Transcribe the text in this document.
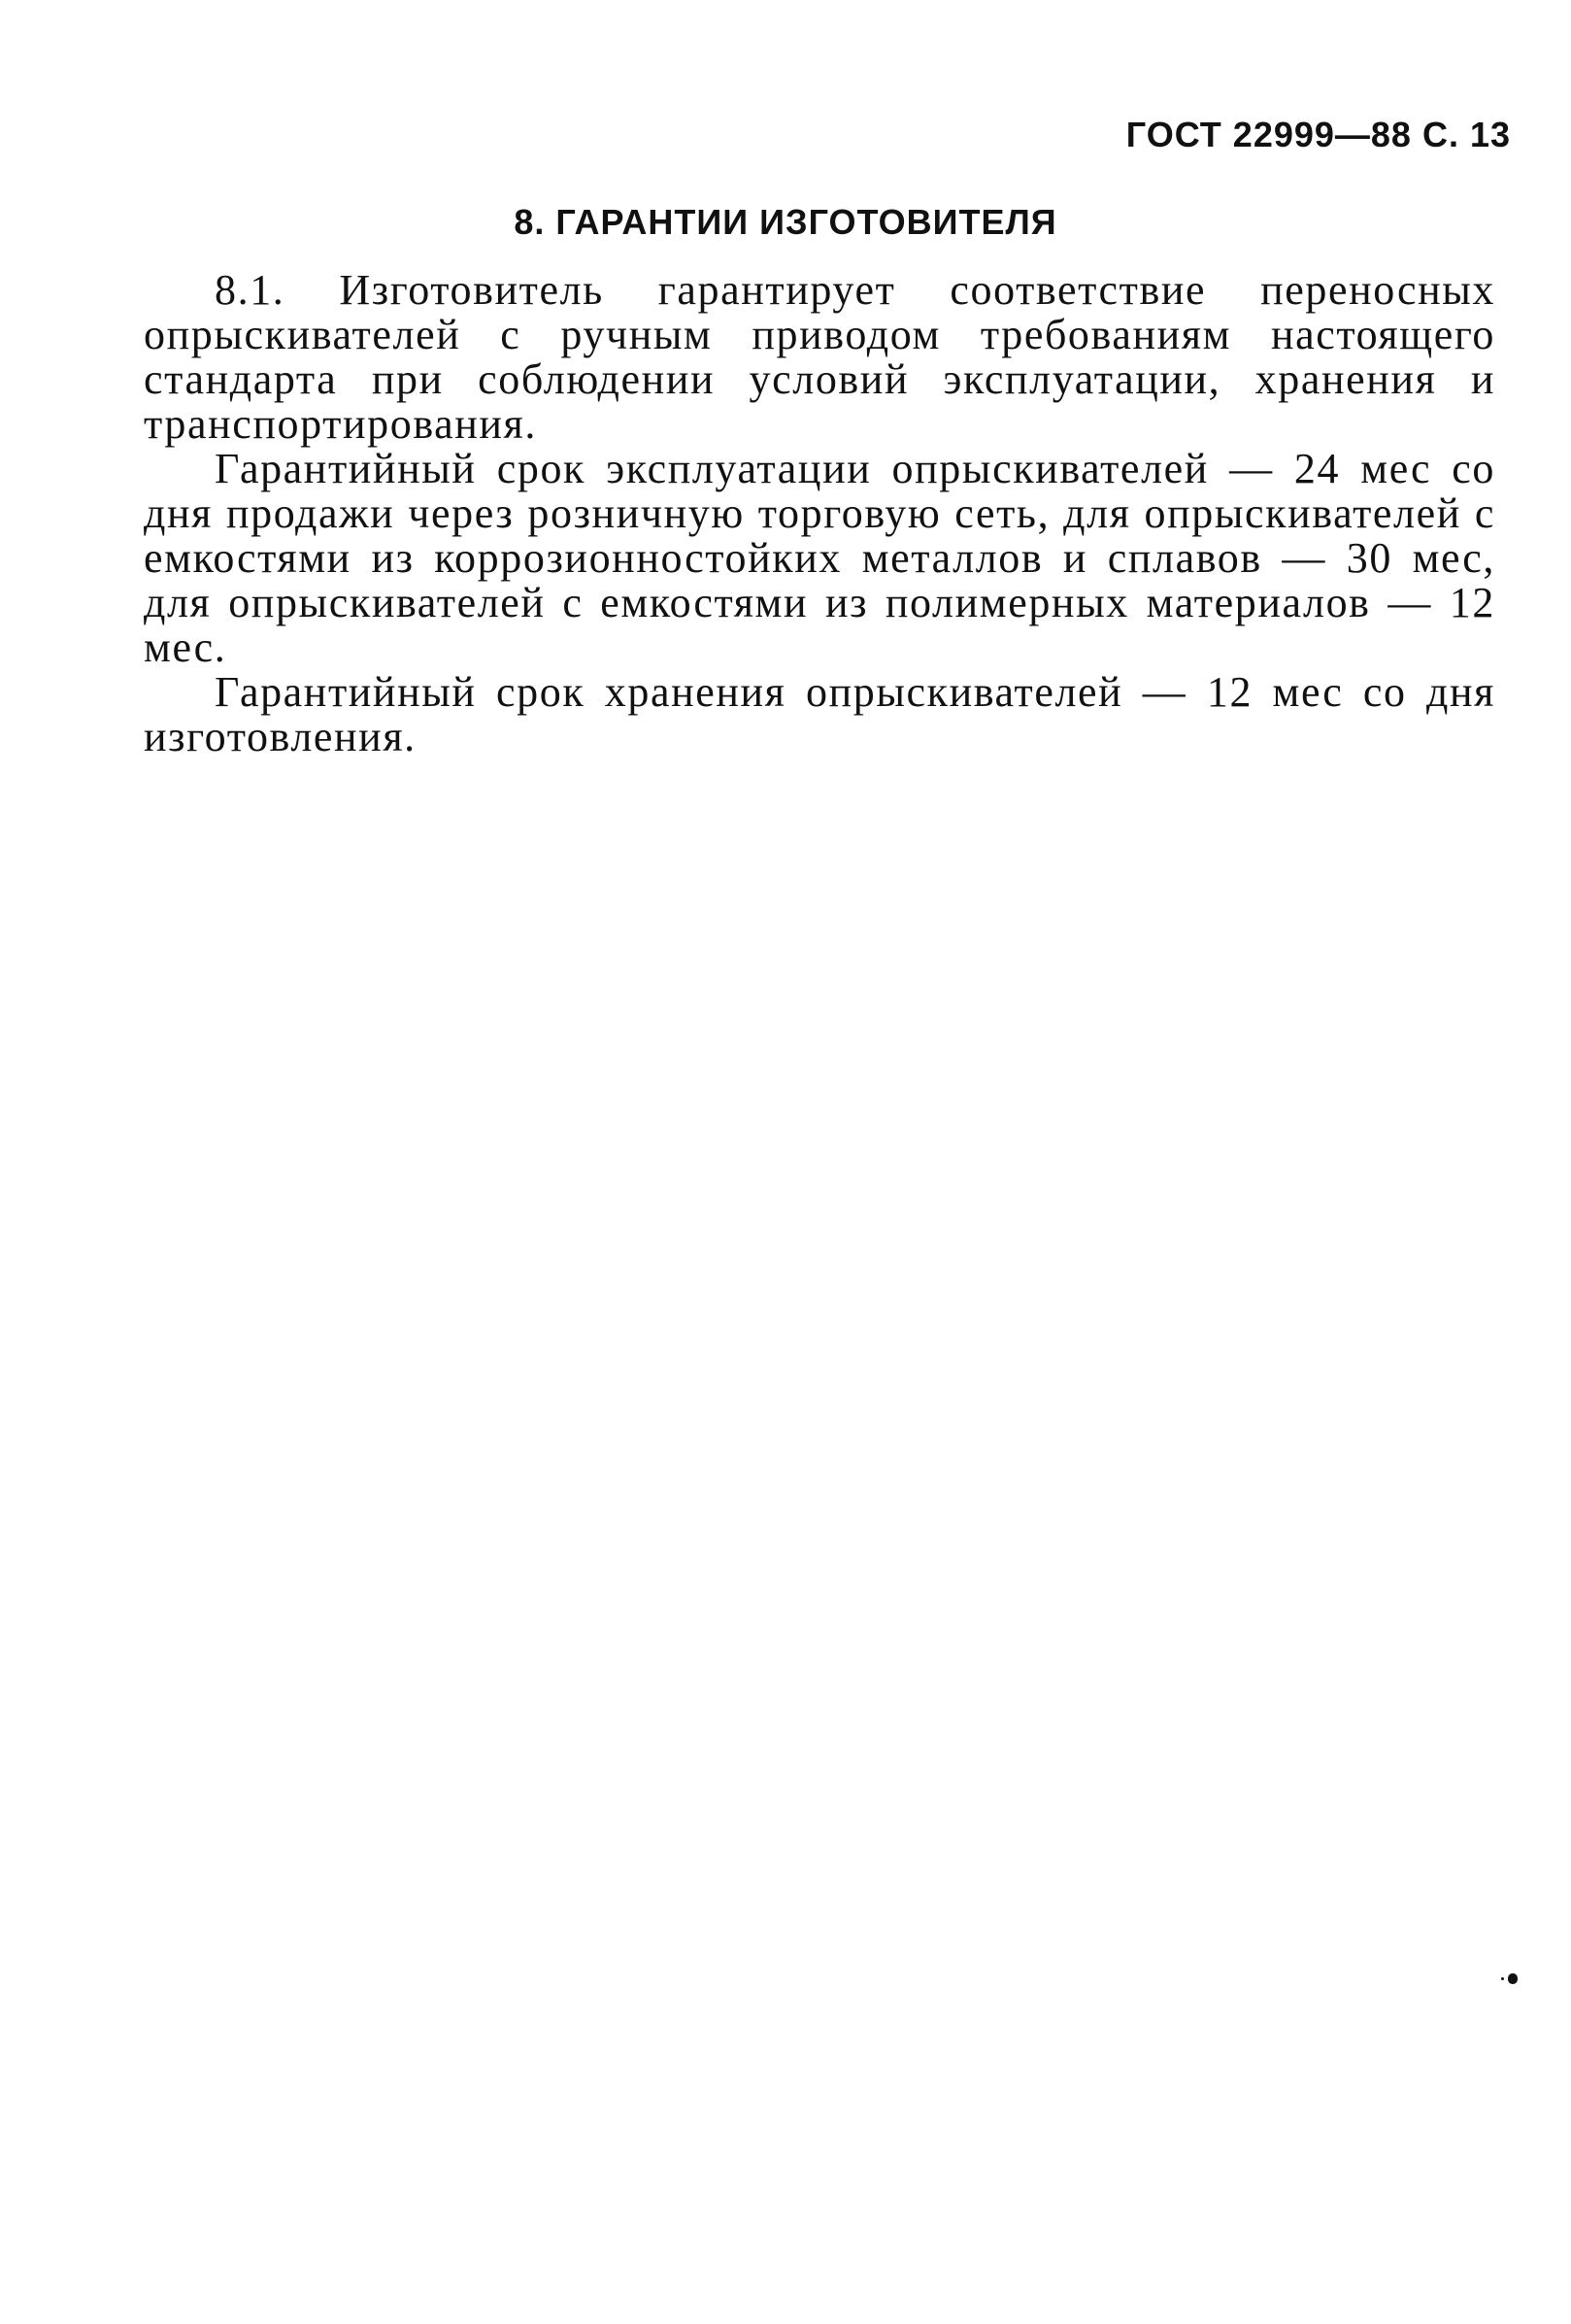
ГОСТ 22999—88 С. 13
8. ГАРАНТИИ ИЗГОТОВИТЕЛЯ

8.1. Изготовитель гарантирует соответствие переносных опрыскивателей с ручным приводом требованиям настоящего стандарта при соблюдении условий эксплуатации, хранения и транспортирования.

Гарантийный срок эксплуатации опрыскивателей — 24 мес со дня продажи через розничную торговую сеть, для опрыскивателей с емкостями из коррозионностойких металлов и сплавов — 30 мес, для опрыскивателей с емкостями из полимерных материалов — 12 мес.

Гарантийный срок хранения опрыскивателей — 12 мес со дня изготовления.
